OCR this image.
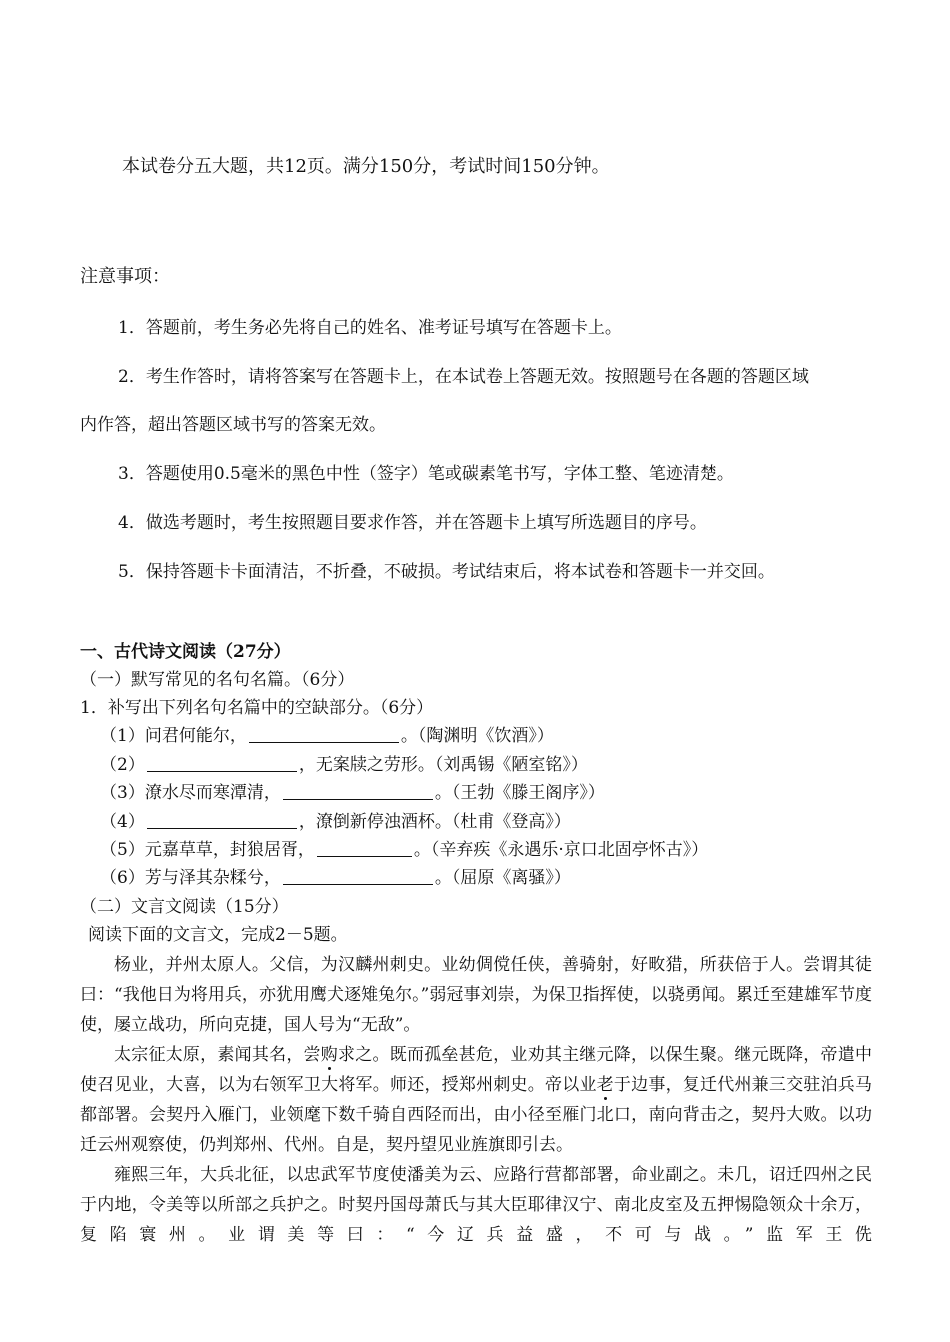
本试卷分五大题，共12页。满分150分，考试时间150分钟。
注意事项：
1．答题前，考生务必先将自己的姓名、准考证号填写在答题卡上。
2．考生作答时，请将答案写在答题卡上，在本试卷上答题无效。按照题号在各题的答题区域
内作答，超出答题区域书写的答案无效。
3．答题使用0.5毫米的黑色中性（签字）笔或碳素笔书写，字体工整、笔迹清楚。
4．做选考题时，考生按照题目要求作答，并在答题卡上填写所选题目的序号。
5．保持答题卡卡面清洁，不折叠，不破损。考试结束后，将本试卷和答题卡一并交回。
一、古代诗文阅读（27分）
（一）默写常见的名句名篇。（6分）
1．补写出下列名句名篇中的空缺部分。（6分）
（1）问君何能尔，	。（陶渊明《饮酒》）
（2）	，无案牍之劳形。（刘禹锡《陋室铭》）
（3）潦水尽而寒潭清，	。（王勃《滕王阁序》）
（4）	，潦倒新停浊酒杯。（杜甫《登高》）
（5）元嘉草草，封狼居胥，	。（辛弃疾《永遇乐·京口北固亭怀古》）
（6）芳与泽其杂糅兮，	。（屈原《离骚》）
（二）文言文阅读（15分）
阅读下面的文言文，完成2－5题。

杨业，并州太原人。父信，为汉麟州刺史。业幼倜傥任侠，善骑射，好畋猎，所获倍于人。尝谓其徒曰：“我他日为将用兵，亦犹用鹰犬逐雉兔尔。”弱冠事刘崇，为保卫指挥使，以骁勇闻。累迁至建雄军节度使，屡立战功，所向克捷，国人号为“无敌”。

太宗征太原，素闻其名，尝购求之。既而孤垒甚危，业劝其主继元降，以保生聚。继元既降，帝遣中使召见业，大喜，以为右领军卫大将军。师还，授郑州刺史。帝以业老于边事，复迁代州兼三交驻泊兵马都部署。会契丹入雁门，业领麾下数千骑自西陉而出，由小径至雁门北口，南向背击之，契丹大败。以功迁云州观察使，仍判郑州、代州。自是，契丹望见业旌旗即引去。

雍熙三年，大兵北征，以忠武军节度使潘美为云、应路行营都部署，命业副之。未几，诏迁四州之民于内地，令美等以所部之兵护之。时契丹国母萧氏与其大臣耶律汉宁、南北皮室及五押惕隐领众十余万，复陷寰州。业谓美等曰：“今辽兵益盛，不可与战。”监军王侁
